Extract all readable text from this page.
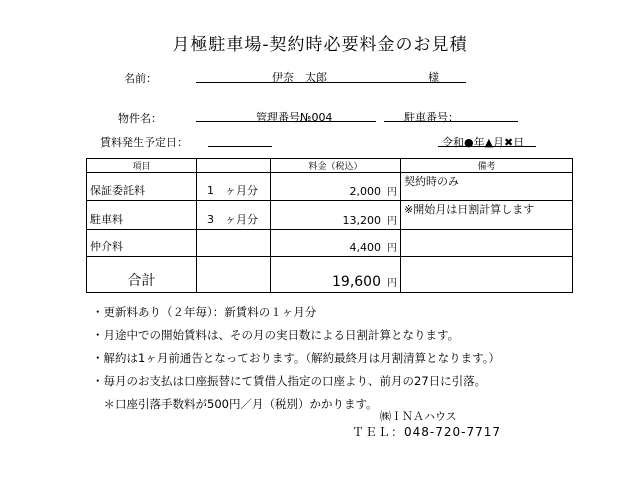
月極駐車場-契約時必要料金のお見積
名前：	伊奈　太郎	様
物件名：	管理番号№004	駐車番号：
賃料発生予定日：	令和●年▲月✖日
項目		料金（税込）	備考
保証委託料	1　ヶ月分	2,000 円	契約時のみ
駐車料	3　ヶ月分	13,200 円	※開始月は日割計算します
仲介料		4,400 円	
合計		19,600 円	
・更新料あり（２年毎）：新賃料の１ヶ月分
・月途中での開始賃料は、その月の実日数による日割計算となります。
・解約は1ヶ月前通告となっております。（解約最終月は月割清算となります。）
・毎月のお支払は口座振替にて賃借人指定の口座より、前月の27日に引落。
　＊口座引落手数料が500円／月（税別）かかります。
㈱ＩＮＡハウス
ＴＥＬ：048-720-7717
